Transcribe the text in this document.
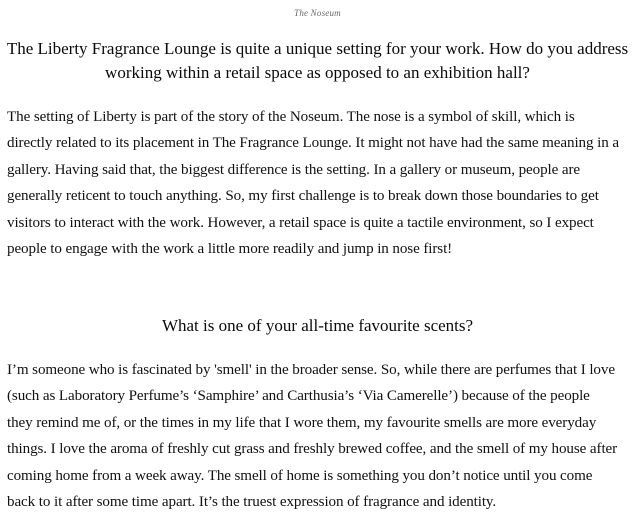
The Noseum
The Liberty Fragrance Lounge is quite a unique setting for your work. How do you address working within a retail space as opposed to an exhibition hall?
The setting of Liberty is part of the story of the Noseum. The nose is a symbol of skill, which is directly related to its placement in The Fragrance Lounge. It might not have had the same meaning in a gallery. Having said that, the biggest difference is the setting. In a gallery or museum, people are generally reticent to touch anything. So, my first challenge is to break down those boundaries to get visitors to interact with the work. However, a retail space is quite a tactile environment, so I expect people to engage with the work a little more readily and jump in nose first!
What is one of your all-time favourite scents?
I’m someone who is fascinated by 'smell' in the broader sense. So, while there are perfumes that I love (such as Laboratory Perfume’s ‘Samphire’ and Carthusia’s ‘Via Camerelle’) because of the people they remind me of, or the times in my life that I wore them, my favourite smells are more everyday things. I love the aroma of freshly cut grass and freshly brewed coffee, and the smell of my house after coming home from a week away. The smell of home is something you don’t notice until you come back to it after some time apart. It’s the truest expression of fragrance and identity.
